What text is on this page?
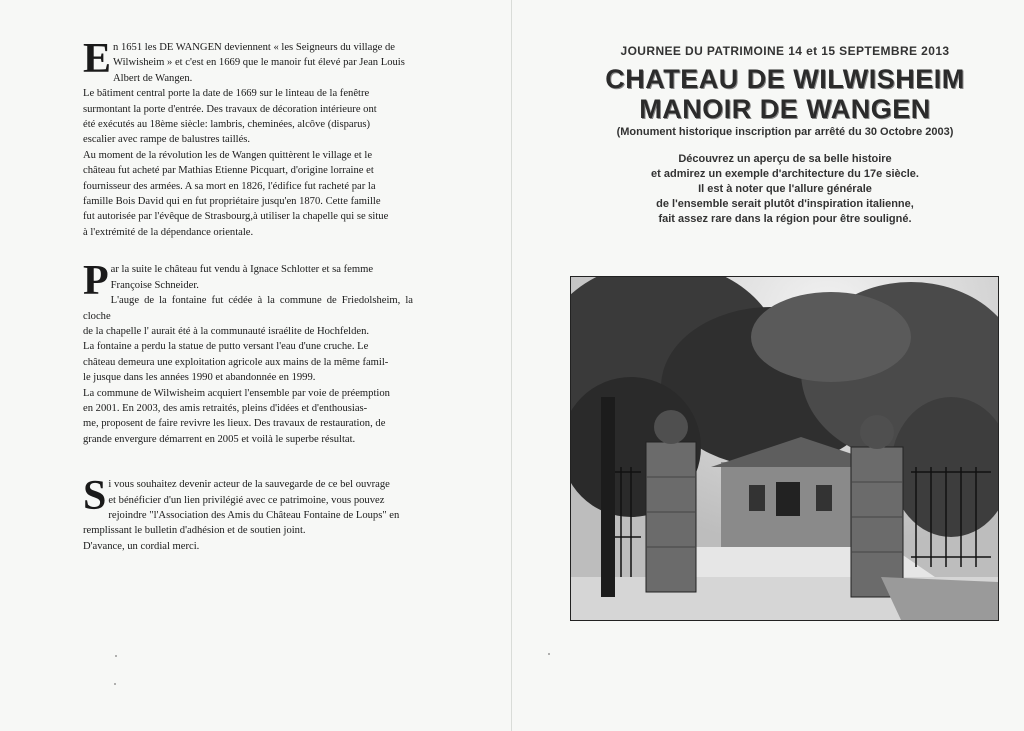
E n 1651 les DE WANGEN deviennent « les Seigneurs du village de

Wilwisheim » et c'est en 1669 que le manoir fut élevé par Jean Louis

Albert de Wangen.

Le bâtiment central porte la date de 1669 sur le linteau de la fenêtre

surmontant la porte d'entrée. Des travaux de décoration intérieure ont

été exécutés au 18ème siècle: lambris, cheminées, alcôve (disparus)

escalier avec rampe de balustres taillés.

Au moment de la révolution les de Wangen quittèrent le village et le

château fut acheté par Mathias Etienne Picquart, d'origine lorraine et

fournisseur des armées. A sa mort en 1826, l'édifice fut racheté par la

famille Bois David qui en fut propriétaire jusqu'en 1870. Cette famille

fut autorisée par l'évêque de Strasbourg,à utiliser la chapelle qui se situe

à l'extrémité de la dépendance orientale.

P ar la suite le château fut vendu à Ignace Schlotter et sa femme

Françoise Schneider.

L'auge de la fontaine fut cédée à la commune de Friedolsheim, la cloche

de la chapelle l' aurait été à la communauté israélite de Hochfelden.

La fontaine a perdu la statue de putto versant l'eau d'une cruche. Le

château demeura une exploitation agricole aux mains de la même famil-

le jusque dans les années 1990 et abandonnée en 1999.

La commune de Wilwisheim acquiert l'ensemble par voie de préemption

en 2001. En 2003, des amis retraités, pleins d'idées et d'enthousias-

me, proposent de faire revivre les lieux. Des travaux de restauration, de

grande envergure démarrent en 2005 et voilà le superbe résultat.

S i vous souhaitez devenir acteur de la sauvegarde de ce bel ouvrage

et bénéficier d'un lien privilégié avec ce patrimoine, vous pouvez

rejoindre "l'Association des Amis du Château Fontaine de Loups" en

remplissant le bulletin d'adhésion et de soutien joint.

D'avance, un cordial merci.

JOURNEE DU PATRIMOINE 14 et 15 SEPTEMBRE 2013
CHATEAU DE WILWISHEIM
MANOIR DE WANGEN
(Monument historique inscription par arrêté du 30 Octobre 2003)
Découvrez un aperçu de sa belle histoire
et admirez un exemple d'architecture du 17e siècle.
Il est à noter que l'allure générale
de l'ensemble serait plutôt d'inspiration italienne,
fait assez rare dans la région pour être souligné.
